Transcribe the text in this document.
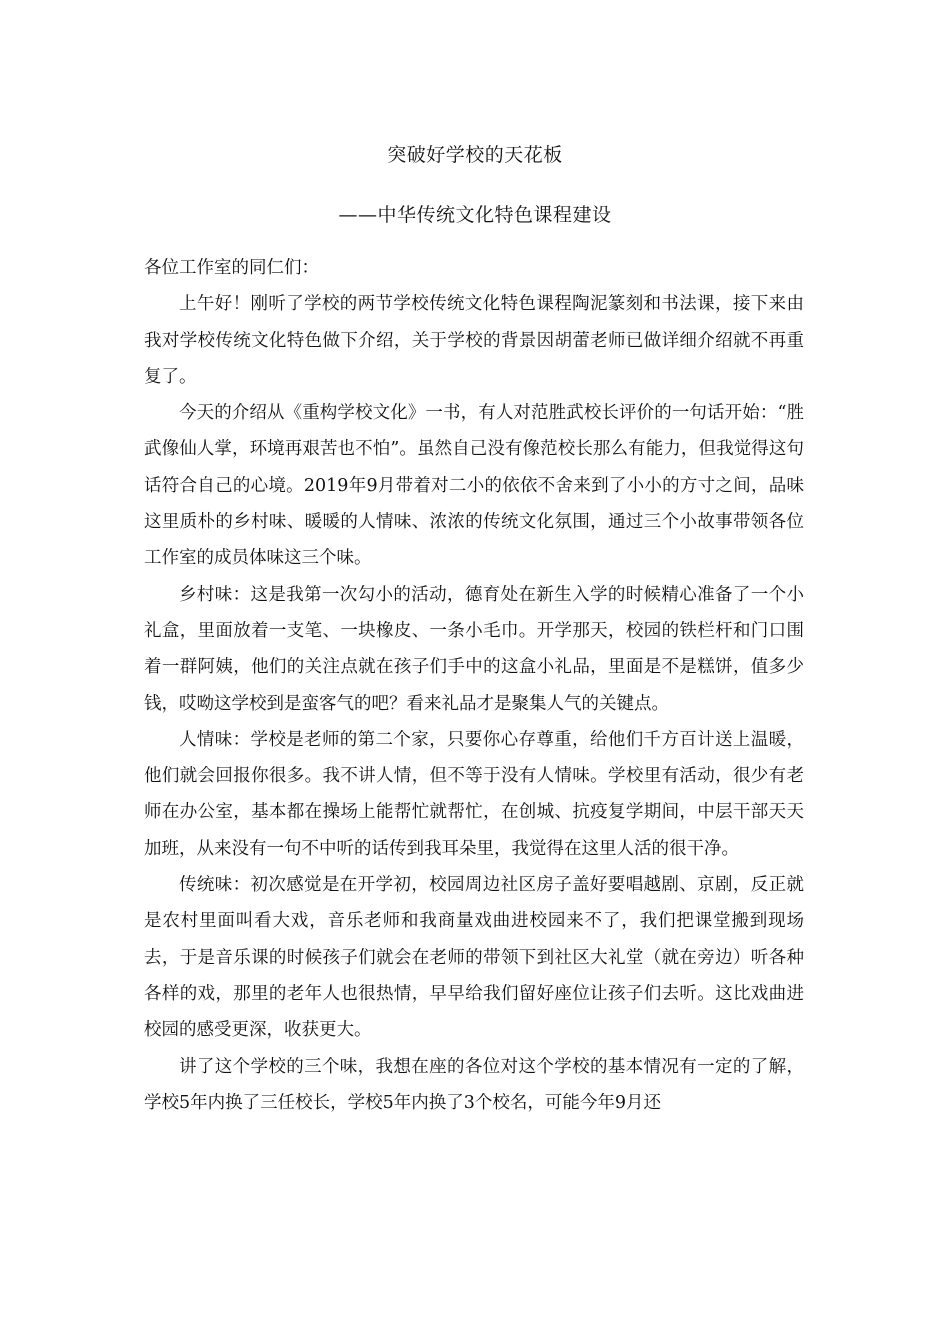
突破好学校的天花板
——中华传统文化特色课程建设

各位工作室的同仁们：

上午好！刚听了学校的两节学校传统文化特色课程陶泥篆刻和书法课，接下来由我对学校传统文化特色做下介绍，关于学校的背景因胡蕾老师已做详细介绍就不再重复了。

今天的介绍从《重构学校文化》一书，有人对范胜武校长评价的一句话开始：“胜武像仙人掌，环境再艰苦也不怕”。虽然自己没有像范校长那么有能力，但我觉得这句话符合自己的心境。2019年9月带着对二小的依依不舍来到了小小的方寸之间，品味这里质朴的乡村味、暖暖的人情味、浓浓的传统文化氛围，通过三个小故事带领各位工作室的成员体味这三个味。

乡村味：这是我第一次勾小的活动，德育处在新生入学的时候精心准备了一个小礼盒，里面放着一支笔、一块橡皮、一条小毛巾。开学那天，校园的铁栏杆和门口围着一群阿姨，他们的关注点就在孩子们手中的这盒小礼品，里面是不是糕饼，值多少钱，哎呦这学校到是蛮客气的吧？看来礼品才是聚集人气的关键点。

人情味：学校是老师的第二个家，只要你心存尊重，给他们千方百计送上温暖，他们就会回报你很多。我不讲人情，但不等于没有人情味。学校里有活动，很少有老师在办公室，基本都在操场上能帮忙就帮忙，在创城、抗疫复学期间，中层干部天天加班，从来没有一句不中听的话传到我耳朵里，我觉得在这里人活的很干净。

传统味：初次感觉是在开学初，校园周边社区房子盖好要唱越剧、京剧，反正就是农村里面叫看大戏，音乐老师和我商量戏曲进校园来不了，我们把课堂搬到现场去，于是音乐课的时候孩子们就会在老师的带领下到社区大礼堂（就在旁边）听各种各样的戏，那里的老年人也很热情，早早给我们留好座位让孩子们去听。这比戏曲进校园的感受更深，收获更大。

讲了这个学校的三个味，我想在座的各位对这个学校的基本情况有一定的了解，学校5年内换了三任校长，学校5年内换了3个校名，可能今年9月还
